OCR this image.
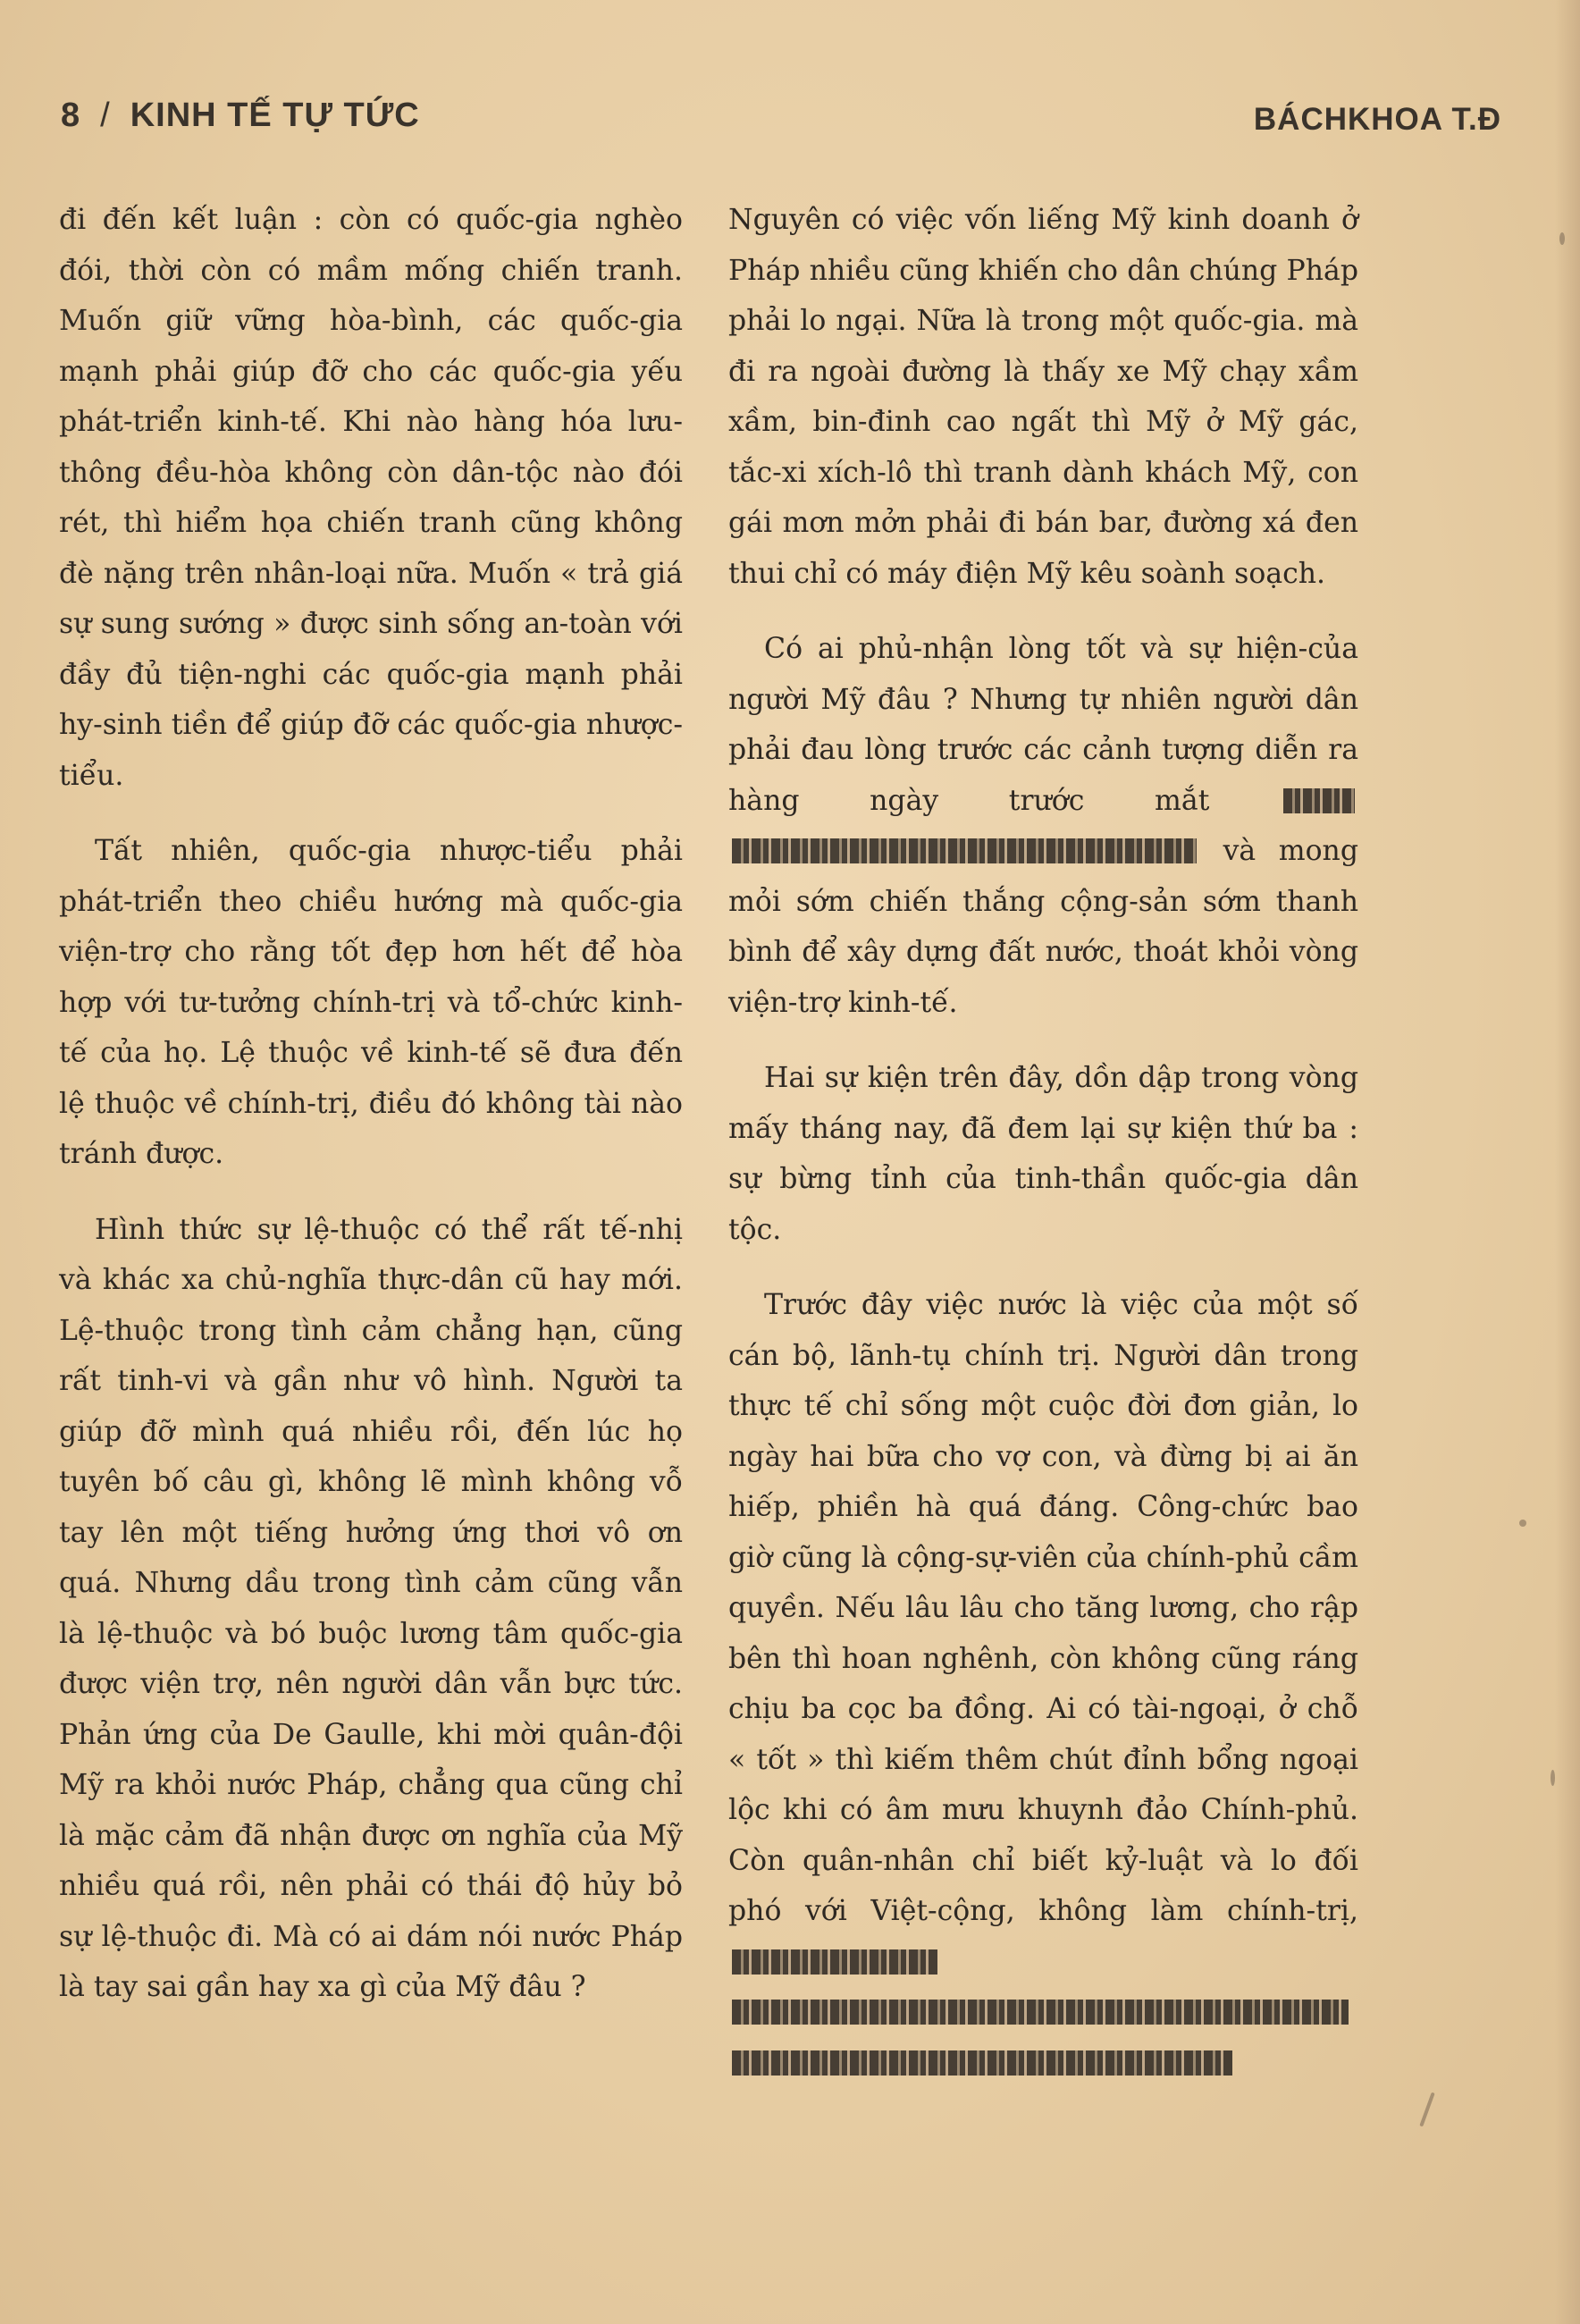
8 / KINH TẾ TỰ TỨC	BÁCHKHOA T.Đ

đi đến kết luận : còn có quốc-gia nghèo đói, thời còn có mầm mống chiến tranh. Muốn giữ vững hòa-bình, các quốc-gia mạnh phải giúp đỡ cho các quốc-gia yếu phát-triển kinh-tế. Khi nào hàng hóa lưu-thông đều-hòa không còn dân-tộc nào đói rét, thì hiểm họa chiến tranh cũng không đè nặng trên nhân-loại nữa. Muốn « trả giá sự sung sướng » được sinh sống an-toàn với đầy đủ tiện-nghi các quốc-gia mạnh phải hy-sinh tiền để giúp đỡ các quốc-gia nhược-tiểu.

Tất nhiên, quốc-gia nhược-tiểu phải phát-triển theo chiều hướng mà quốc-gia viện-trợ cho rằng tốt đẹp hơn hết để hòa hợp với tư-tưởng chính-trị và tổ-chức kinh-tế của họ. Lệ thuộc về kinh-tế sẽ đưa đến lệ thuộc về chính-trị, điều đó không tài nào tránh được.

Hình thức sự lệ-thuộc có thể rất tế-nhị và khác xa chủ-nghĩa thực-dân cũ hay mới. Lệ-thuộc trong tình cảm chẳng hạn, cũng rất tinh-vi và gần như vô hình. Người ta giúp đỡ mình quá nhiều rồi, đến lúc họ tuyên bố câu gì, không lẽ mình không vỗ tay lên một tiếng hưởng ứng thơi vô ơn quá. Nhưng dầu trong tình cảm cũng vẫn là lệ-thuộc và bó buộc lương tâm quốc-gia được viện trợ, nên người dân vẫn bực tức. Phản ứng của De Gaulle, khi mời quân-đội Mỹ ra khỏi nước Pháp, chẳng qua cũng chỉ là mặc cảm đã nhận được ơn nghĩa của Mỹ nhiều quá rồi, nên phải có thái độ hủy bỏ sự lệ-thuộc đi. Mà có ai dám nói nước Pháp là tay sai gần hay xa gì của Mỹ đâu ?

Nguyên có việc vốn liếng Mỹ kinh doanh ở Pháp nhiều cũng khiến cho dân chúng Pháp phải lo ngại. Nữa là trong một quốc-gia. mà đi ra ngoài đường là thấy xe Mỹ chạy xầm xầm, bin-đinh cao ngất thì Mỹ ở Mỹ gác, tắc-xi xích-lô thì tranh dành khách Mỹ, con gái mơn mởn phải đi bán bar, đường xá đen thui chỉ có máy điện Mỹ kêu soành soạch.

Có ai phủ-nhận lòng tốt và sự hiện-của người Mỹ đâu ? Nhưng tự nhiên người dân phải đau lòng trước các cảnh tượng diễn ra hàng ngày trước mắt   và mong mỏi sớm chiến thắng cộng-sản sớm thanh bình để xây dựng đất nước, thoát khỏi vòng viện-trợ kinh-tế.

Hai sự kiện trên đây, dồn dập trong vòng mấy tháng nay, đã đem lại sự kiện thứ ba : sự bừng tỉnh của tinh-thần quốc-gia dân tộc.

Trước đây việc nước là việc của một số cán bộ, lãnh-tụ chính trị. Người dân trong thực tế chỉ sống một cuộc đời đơn giản, lo ngày hai bữa cho vợ con, và đừng bị ai ăn hiếp, phiền hà quá đáng. Công-chức bao giờ cũng là cộng-sự-viên của chính-phủ cầm quyền. Nếu lâu lâu cho tăng lương, cho rập bên thì hoan nghênh, còn không cũng ráng chịu ba cọc ba đồng. Ai có tài-ngoại, ở chỗ « tốt » thì kiếm thêm chút đỉnh bổng ngoại lộc khi có âm mưu khuynh đảo Chính-phủ. Còn quân-nhân chỉ biết kỷ-luật và lo đối phó với Việt-cộng, không làm chính-trị,
